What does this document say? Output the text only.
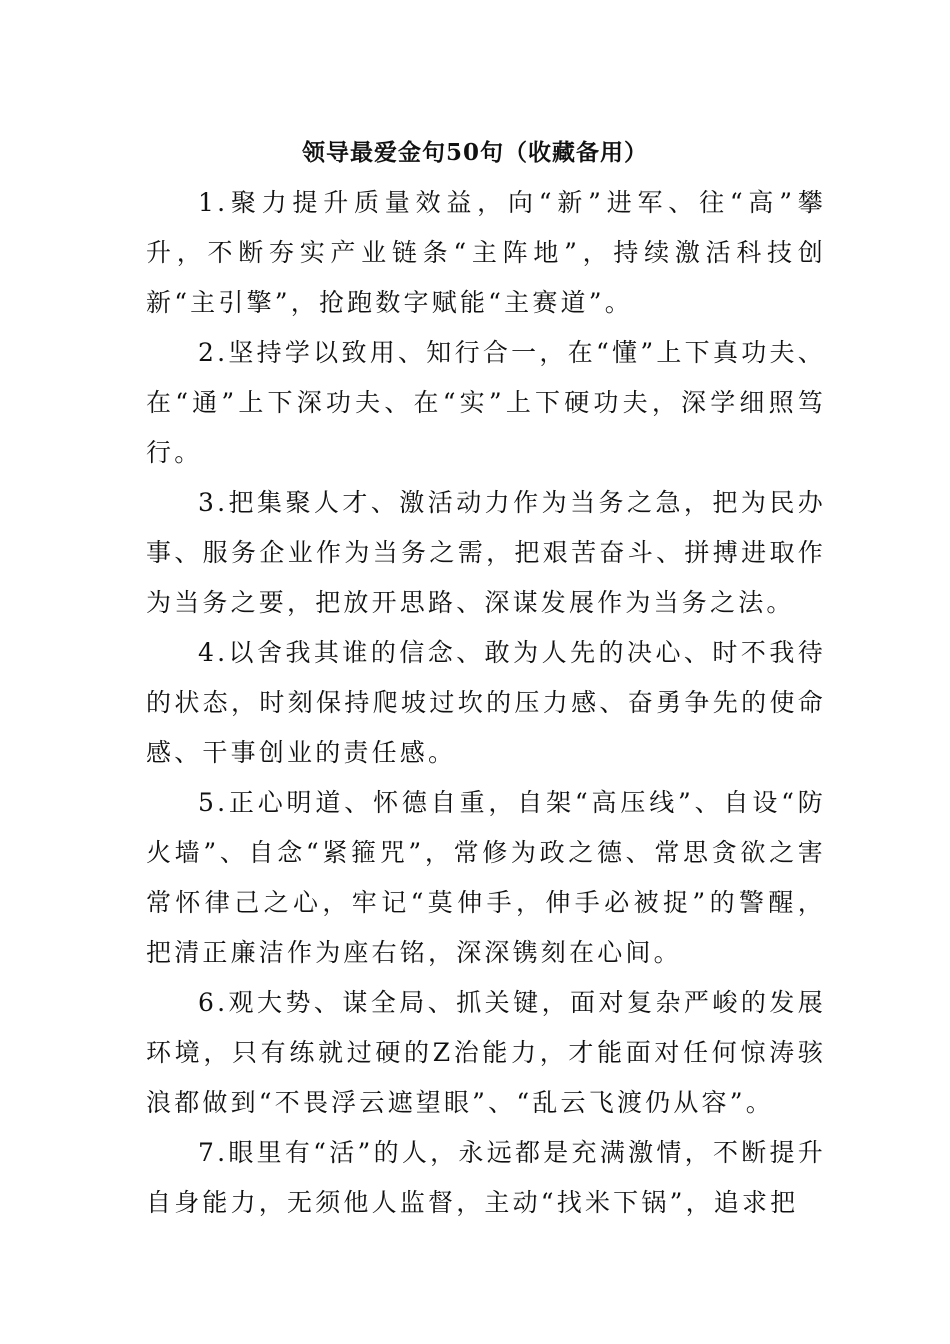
领导最爱金句50句（收藏备用）

1.聚力提升质量效益，向“新”进军、往“高”攀升，不断夯实产业链条“主阵地”，持续激活科技创新“主引擎”，抢跑数字赋能“主赛道”。

2.坚持学以致用、知行合一，在“懂”上下真功夫、在“通”上下深功夫、在“实”上下硬功夫，深学细照笃行。

3.把集聚人才、激活动力作为当务之急，把为民办事、服务企业作为当务之需，把艰苦奋斗、拼搏进取作为当务之要，把放开思路、深谋发展作为当务之法。

4.以舍我其谁的信念、敢为人先的决心、时不我待的状态，时刻保持爬坡过坎的压力感、奋勇争先的使命感、干事创业的责任感。

5.正心明道、怀德自重，自架“高压线”、自设“防火墙”、自念“紧箍咒”，常修为政之德、常思贪欲之害常怀律己之心，牢记“莫伸手，伸手必被捉”的警醒，把清正廉洁作为座右铭，深深镌刻在心间。

6.观大势、谋全局、抓关键，面对复杂严峻的发展环境，只有练就过硬的Z治能力，才能面对任何惊涛骇浪都做到“不畏浮云遮望眼”、“乱云飞渡仍从容”。

7.眼里有“活”的人，永远都是充满激情，不断提升自身能力，无须他人监督，主动“找米下锅”，追求把
